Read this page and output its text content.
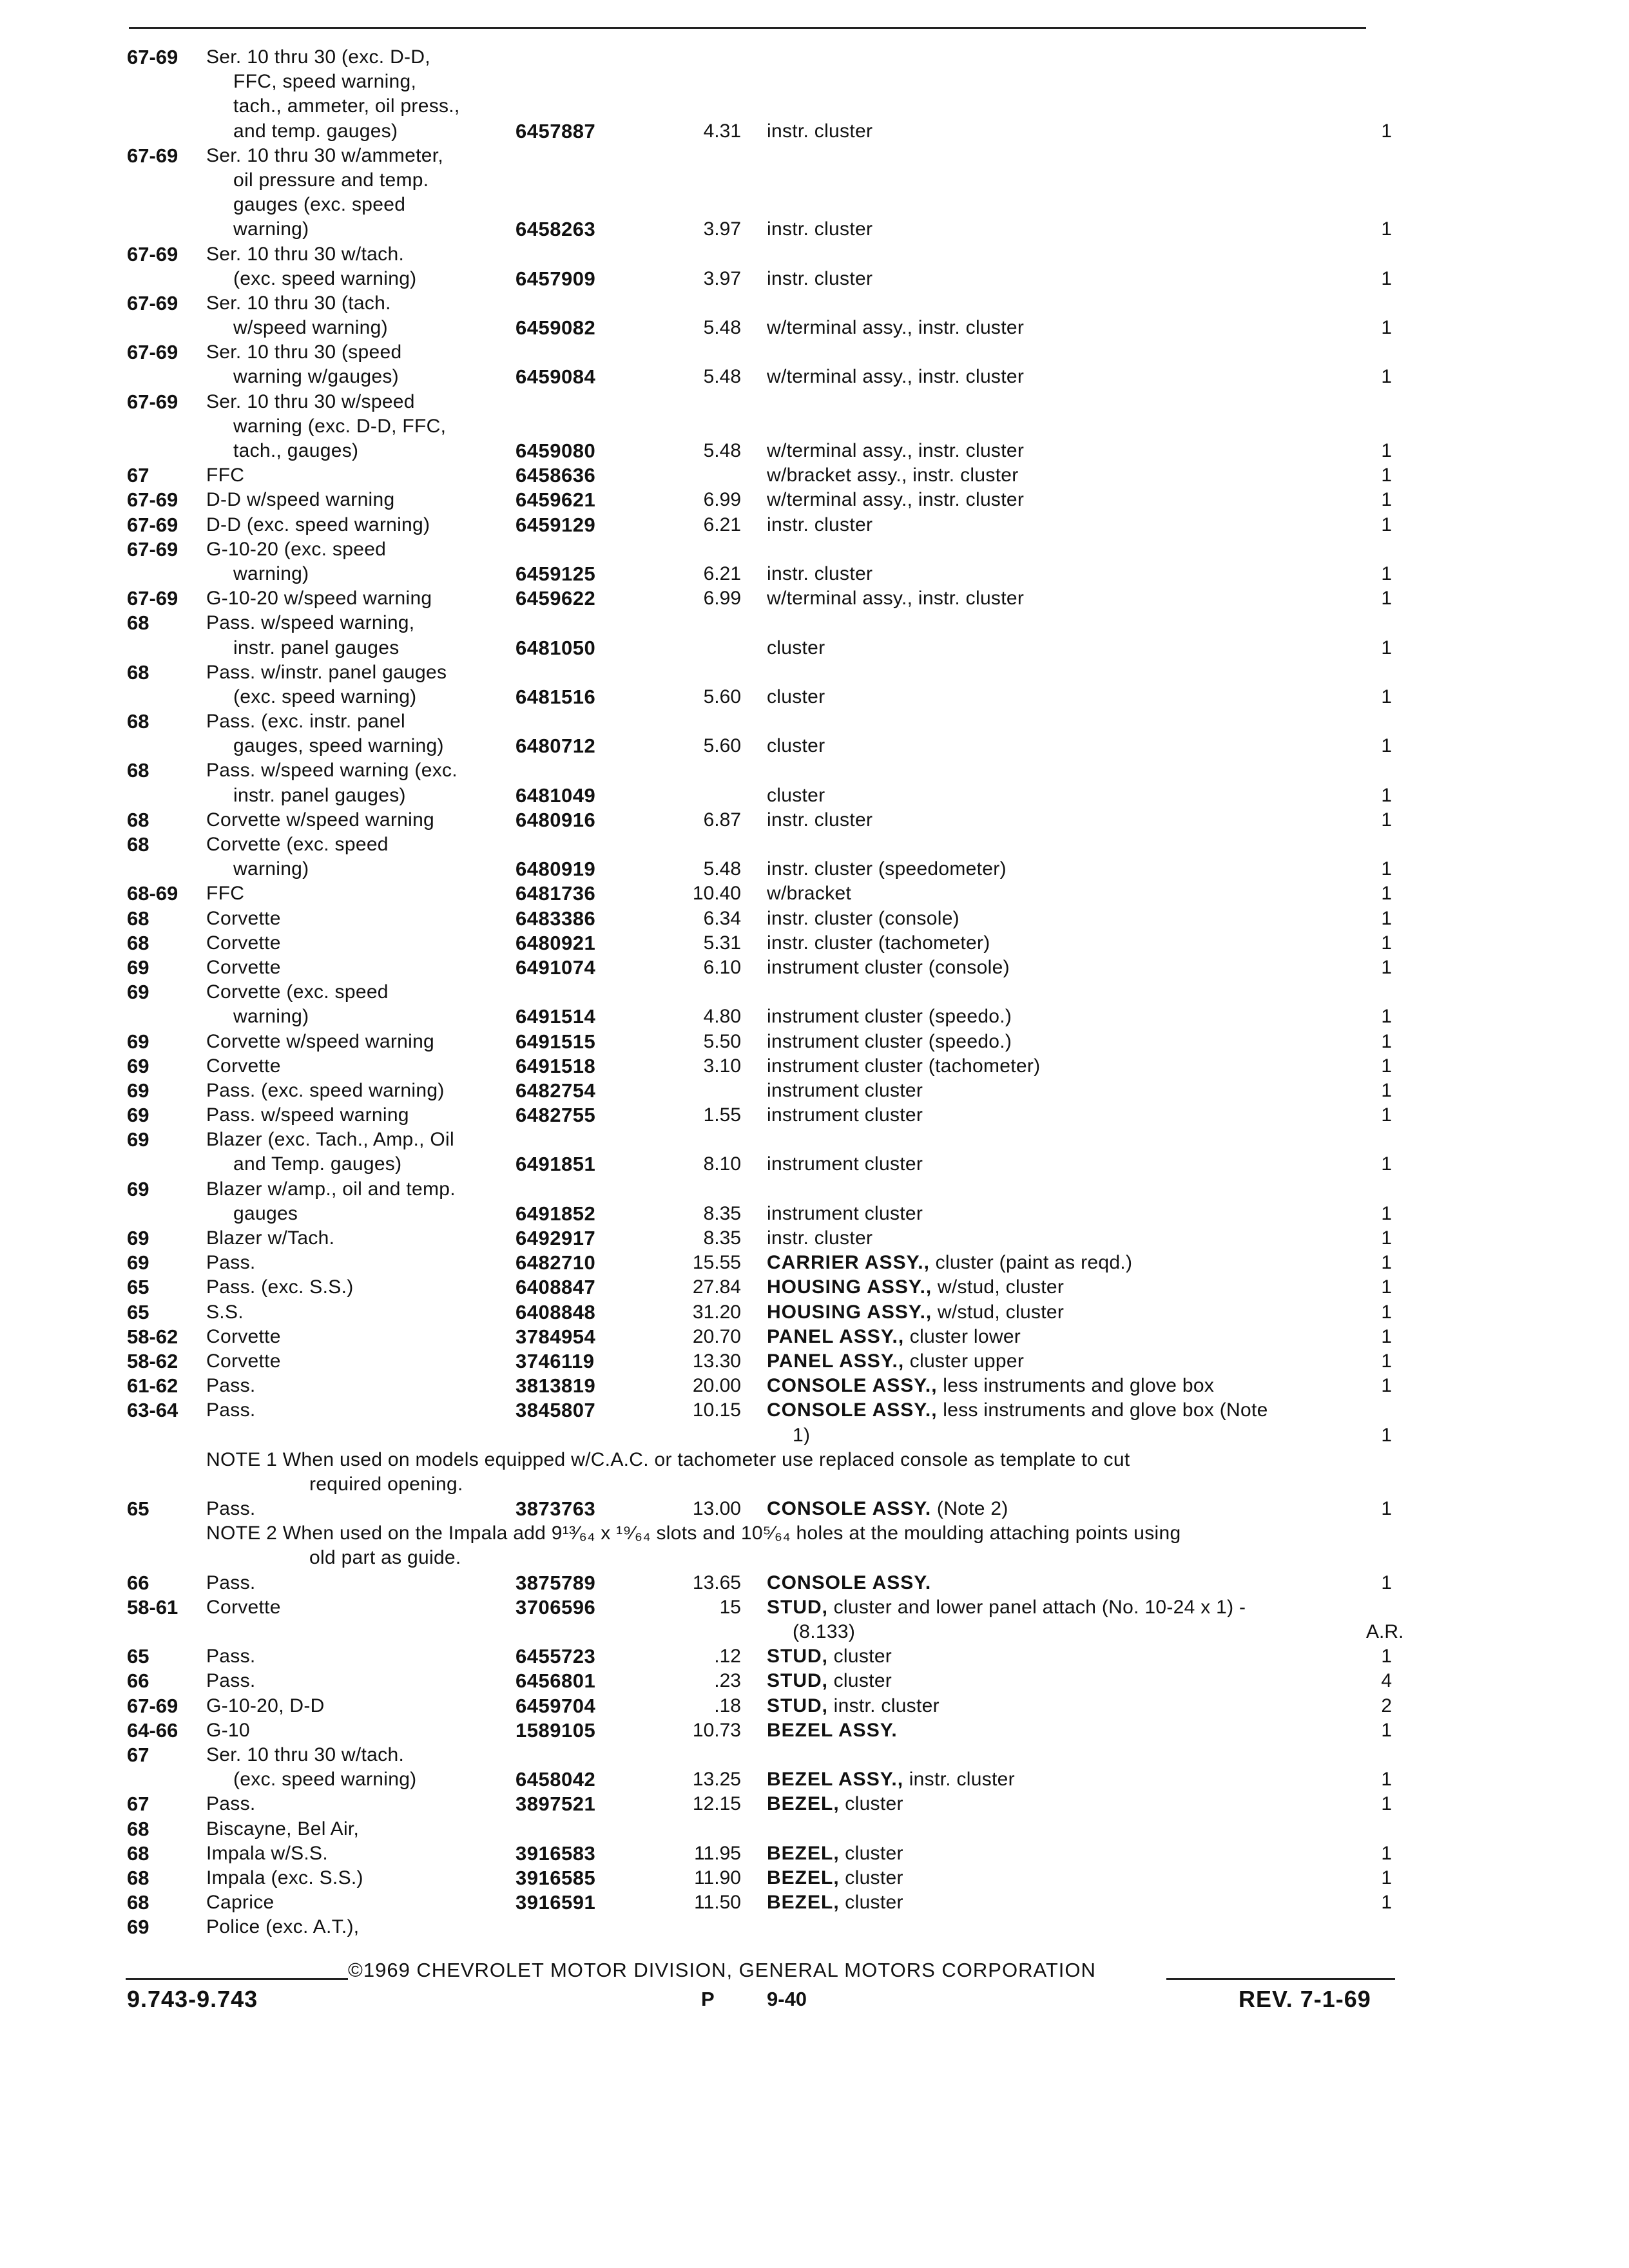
67-69 Ser. 10 thru 30 (exc. D-D,
FFC, speed warning,
tach., ammeter, oil press.,
and temp. gauges)	6457887	4.31 instr. cluster	1
67-69 Ser. 10 thru 30 w/ammeter,
oil pressure and temp.
gauges (exc. speed
warning)	6458263	3.97 instr. cluster	1
67-69 Ser. 10 thru 30 w/tach.
(exc. speed warning)	6457909	3.97 instr. cluster	1
67-69 Ser. 10 thru 30 (tach.
w/speed warning)	6459082	5.48 w/terminal assy., instr. cluster	1
67-69 Ser. 10 thru 30 (speed
warning w/gauges)	6459084	5.48 w/terminal assy., instr. cluster	1
67-69 Ser. 10 thru 30 w/speed
warning (exc. D-D, FFC,
tach., gauges)	6459080	5.48 w/terminal assy., instr. cluster	1
67	FFC	6458636	w/bracket assy., instr. cluster	1
67-69 D-D w/speed warning	6459621	6.99 w/terminal assy., instr. cluster	1
67-69 D-D (exc. speed warning)	6459129	6.21 instr. cluster	1
67-69 G-10-20 (exc. speed
warning)	6459125	6.21 instr. cluster	1
67-69 G-10-20 w/speed warning	6459622	6.99 w/terminal assy., instr. cluster	1
68	Pass. w/speed warning,
instr. panel gauges	6481050	cluster	1
68	Pass. w/instr. panel gauges
(exc. speed warning)	6481516	5.60 cluster	1
68	Pass. (exc. instr. panel
gauges, speed warning)	6480712	5.60 cluster	1
68	Pass. w/speed warning (exc.
instr. panel gauges)	6481049	cluster	1
68	Corvette w/speed warning	6480916	6.87 instr. cluster	1
68	Corvette (exc. speed
warning)	6480919	5.48 instr. cluster (speedometer)	1
68-69 FFC	6481736	10.40 w/bracket	1
68	Corvette	6483386	6.34 instr. cluster (console)	1
68	Corvette	6480921	5.31 instr. cluster (tachometer)	1
69	Corvette	6491074	6.10 instrument cluster (console)	1
69	Corvette (exc. speed
warning)	6491514	4.80 instrument cluster (speedo.)	1
69	Corvette w/speed warning	6491515	5.50 instrument cluster (speedo.)	1
69	Corvette	6491518	3.10 instrument cluster (tachometer)	1
69	Pass. (exc. speed warning)	6482754	instrument cluster	1
69	Pass. w/speed warning	6482755	1.55 instrument cluster	1
69	Blazer (exc. Tach., Amp., Oil
and Temp. gauges)	6491851	8.10 instrument cluster	1
69	Blazer w/amp., oil and temp.
gauges	6491852	8.35 instrument cluster	1
69	Blazer w/Tach.	6492917	8.35 instr. cluster	1
69	Pass.	6482710	15.55 CARRIER ASSY., cluster (paint as reqd.)	1
65	Pass. (exc. S.S.)	6408847	27.84 HOUSING ASSY., w/stud, cluster	1
65	S.S.	6408848	31.20 HOUSING ASSY., w/stud, cluster	1
58-62 Corvette	3784954	20.70 PANEL ASSY., cluster lower	1
58-62 Corvette	3746119	13.30 PANEL ASSY., cluster upper	1
61-62 Pass.	3813819	20.00 CONSOLE ASSY., less instruments and glove box	1
63-64 Pass.	3845807	10.15 CONSOLE ASSY., less instruments and glove box (Note
1)	1
NOTE 1 When used on models equipped w/C.A.C. or tachometer use replaced console as template to cut
required opening.
65	Pass.	3873763	13.00 CONSOLE ASSY. (Note 2)	1
NOTE 2 When used on the Impala add 9¹³⁄₆₄ x ¹⁹⁄₆₄ slots and 10⁵⁄₆₄ holes at the moulding attaching points using
old part as guide.
66	Pass.	3875789	13.65 CONSOLE ASSY.	1
58-61 Corvette	3706596	15 STUD, cluster and lower panel attach (No. 10-24 x 1) -
(8.133)	A.R.
65	Pass.	6455723	.12 STUD, cluster	1
66	Pass.	6456801	.23 STUD, cluster	4
67-69 G-10-20, D-D	6459704	.18 STUD, instr. cluster	2
64-66 G-10	1589105	10.73 BEZEL ASSY.	1
67	Ser. 10 thru 30 w/tach.
(exc. speed warning)	6458042	13.25 BEZEL ASSY., instr. cluster	1
67	Pass.	3897521	12.15 BEZEL, cluster	1
68	Biscayne, Bel Air,
68	Impala w/S.S.	3916583	11.95 BEZEL, cluster	1
68	Impala (exc. S.S.)	3916585	11.90 BEZEL, cluster	1
68	Caprice	3916591	11.50 BEZEL, cluster	1
69	Police (exc. A.T.),
©1969 CHEVROLET MOTOR DIVISION, GENERAL MOTORS CORPORATION
9.743-9.743	P	9-40	REV. 7-1-69
